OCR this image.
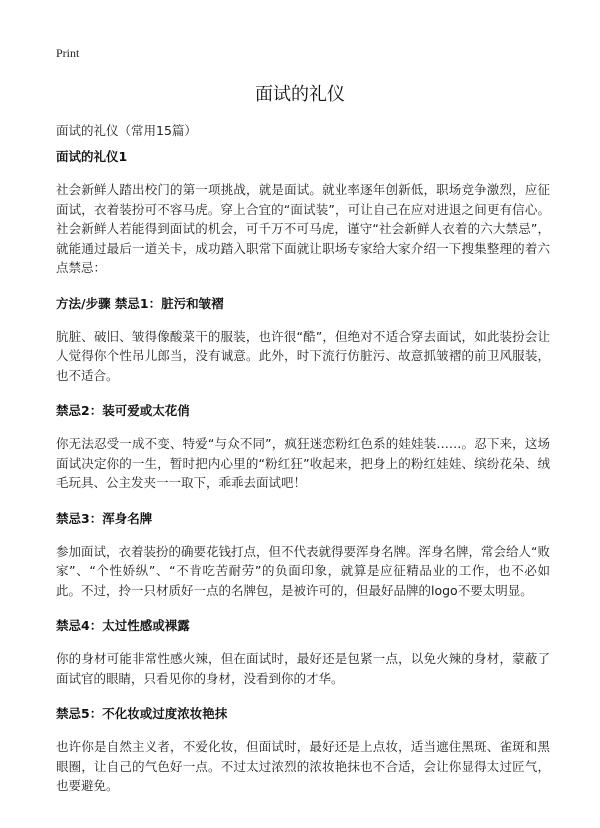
Print
面试的礼仪
面试的礼仪（常用15篇）
面试的礼仪1
社会新鲜人踏出校门的第一项挑战，就是面试。就业率逐年创新低，职场竞争激烈，应征面试，衣着装扮可不容马虎。穿上合宜的“面试装”，可让自己在应对进退之间更有信心。社会新鲜人若能得到面试的机会，可千万不可马虎，谨守“社会新鲜人衣着的六大禁忌”，就能通过最后一道关卡，成功踏入职常下面就让职场专家给大家介绍一下搜集整理的着六点禁忌：
方法/步骤 禁忌1：脏污和皱褶
肮脏、破旧、皱得像酸菜干的服装，也许很“酷”，但绝对不适合穿去面试，如此装扮会让人觉得你个性吊儿郎当，没有诚意。此外，时下流行仿脏污、故意抓皱褶的前卫风服装，也不适合。
禁忌2：装可爱或太花俏
你无法忍受一成不变、特爱“与众不同”，疯狂迷恋粉红色系的娃娃装……。忍下来，这场面试决定你的一生，暂时把内心里的“粉红狂”收起来，把身上的粉红娃娃、缤纷花朵、绒毛玩具、公主发夹一一取下，乖乖去面试吧！
禁忌3：浑身名牌
参加面试，衣着装扮的确要花钱打点，但不代表就得要浑身名牌。浑身名牌，常会给人“败家”、“个性娇纵”、“不肯吃苦耐劳”的负面印象，就算是应征精品业的工作，也不必如此。不过，拎一只材质好一点的名牌包，是被许可的，但最好品牌的logo不要太明显。
禁忌4：太过性感或裸露
你的身材可能非常性感火辣，但在面试时，最好还是包紧一点，以免火辣的身材，蒙蔽了面试官的眼睛，只看见你的身材，没看到你的才华。
禁忌5：不化妆或过度浓妆艳抹
也许你是自然主义者，不爱化妆，但面试时，最好还是上点妆，适当遮住黑斑、雀斑和黑眼圈，让自己的气色好一点。不过太过浓烈的浓妆艳抹也不合适，会让你显得太过匠气，也要避免。
